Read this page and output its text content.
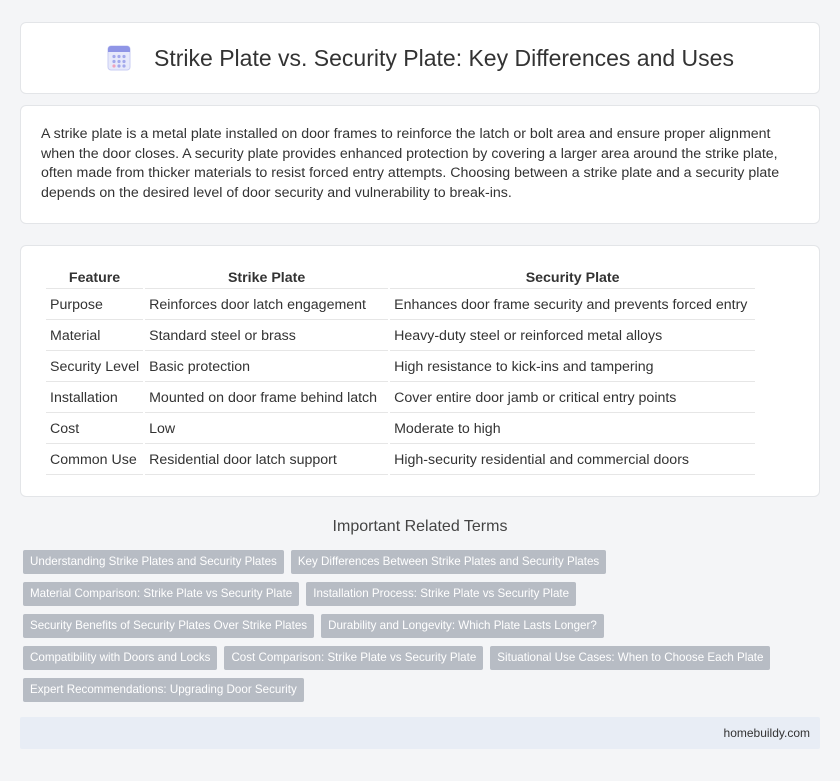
Strike Plate vs. Security Plate: Key Differences and Uses

A strike plate is a metal plate installed on door frames to reinforce the latch or bolt area and ensure proper alignment when the door closes. A security plate provides enhanced protection by covering a larger area around the strike plate, often made from thicker materials to resist forced entry attempts. Choosing between a strike plate and a security plate depends on the desired level of door security and vulnerability to break-ins.

Feature	Strike Plate	Security Plate
Purpose	Reinforces door latch engagement	Enhances door frame security and prevents forced entry
Material	Standard steel or brass	Heavy-duty steel or reinforced metal alloys
Security Level	Basic protection	High resistance to kick-ins and tampering
Installation	Mounted on door frame behind latch	Cover entire door jamb or critical entry points
Cost	Low	Moderate to high
Common Use	Residential door latch support	High-security residential and commercial doors
Important Related Terms
Understanding Strike Plates and Security Plates	Key Differences Between Strike Plates and Security Plates
Material Comparison: Strike Plate vs Security Plate	Installation Process: Strike Plate vs Security Plate
Security Benefits of Security Plates Over Strike Plates	Durability and Longevity: Which Plate Lasts Longer?
Compatibility with Doors and Locks	Cost Comparison: Strike Plate vs Security Plate	Situational Use Cases: When to Choose Each Plate
Expert Recommendations: Upgrading Door Security
homebuildy.com
